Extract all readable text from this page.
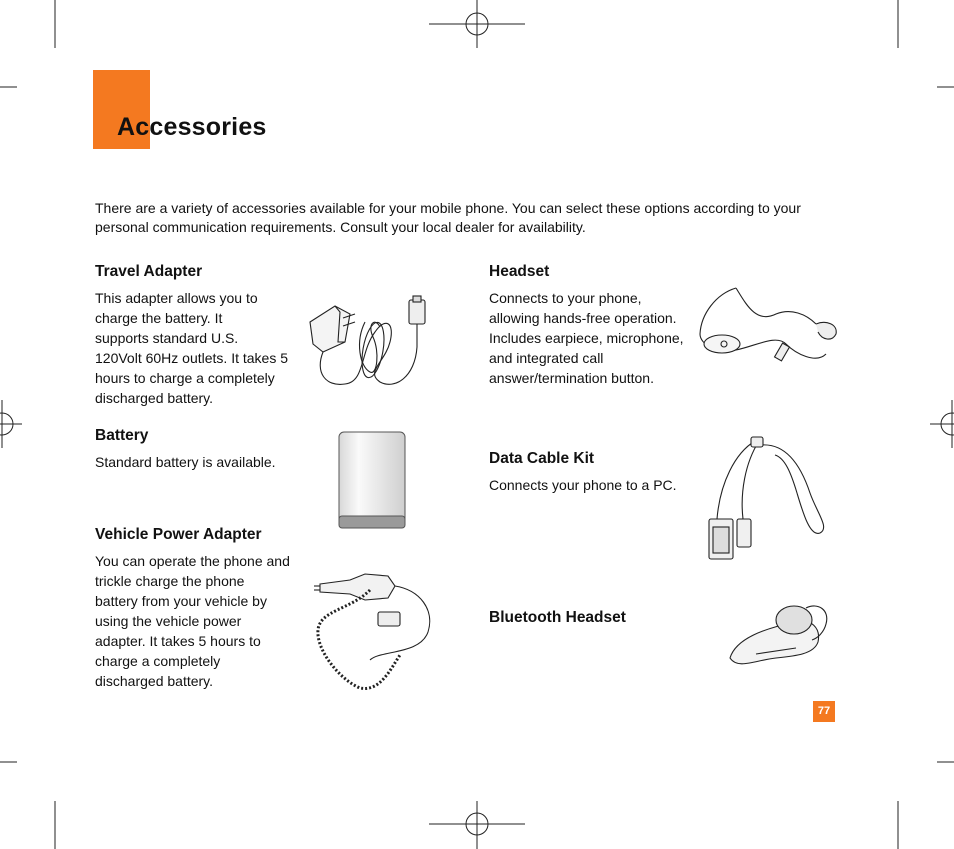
Accessories
There are a variety of accessories available for your mobile phone. You can select these options according to your personal communication requirements. Consult your local dealer for availability.
Travel Adapter
This adapter allows you to
charge the battery. It
supports standard U.S.
120Volt 60Hz outlets. It takes 5
hours to charge a completely
discharged battery.
Battery
Standard battery is available.
Vehicle Power Adapter
You can operate the phone and
trickle charge the phone
battery from your vehicle by
using the vehicle power
adapter. It takes 5 hours to
charge a completely
discharged battery.
Headset
Connects to your phone,
allowing hands-free operation.
Includes earpiece, microphone,
and integrated call
answer/termination button.
Data Cable Kit
Connects your phone to a PC.
Bluetooth Headset
77
